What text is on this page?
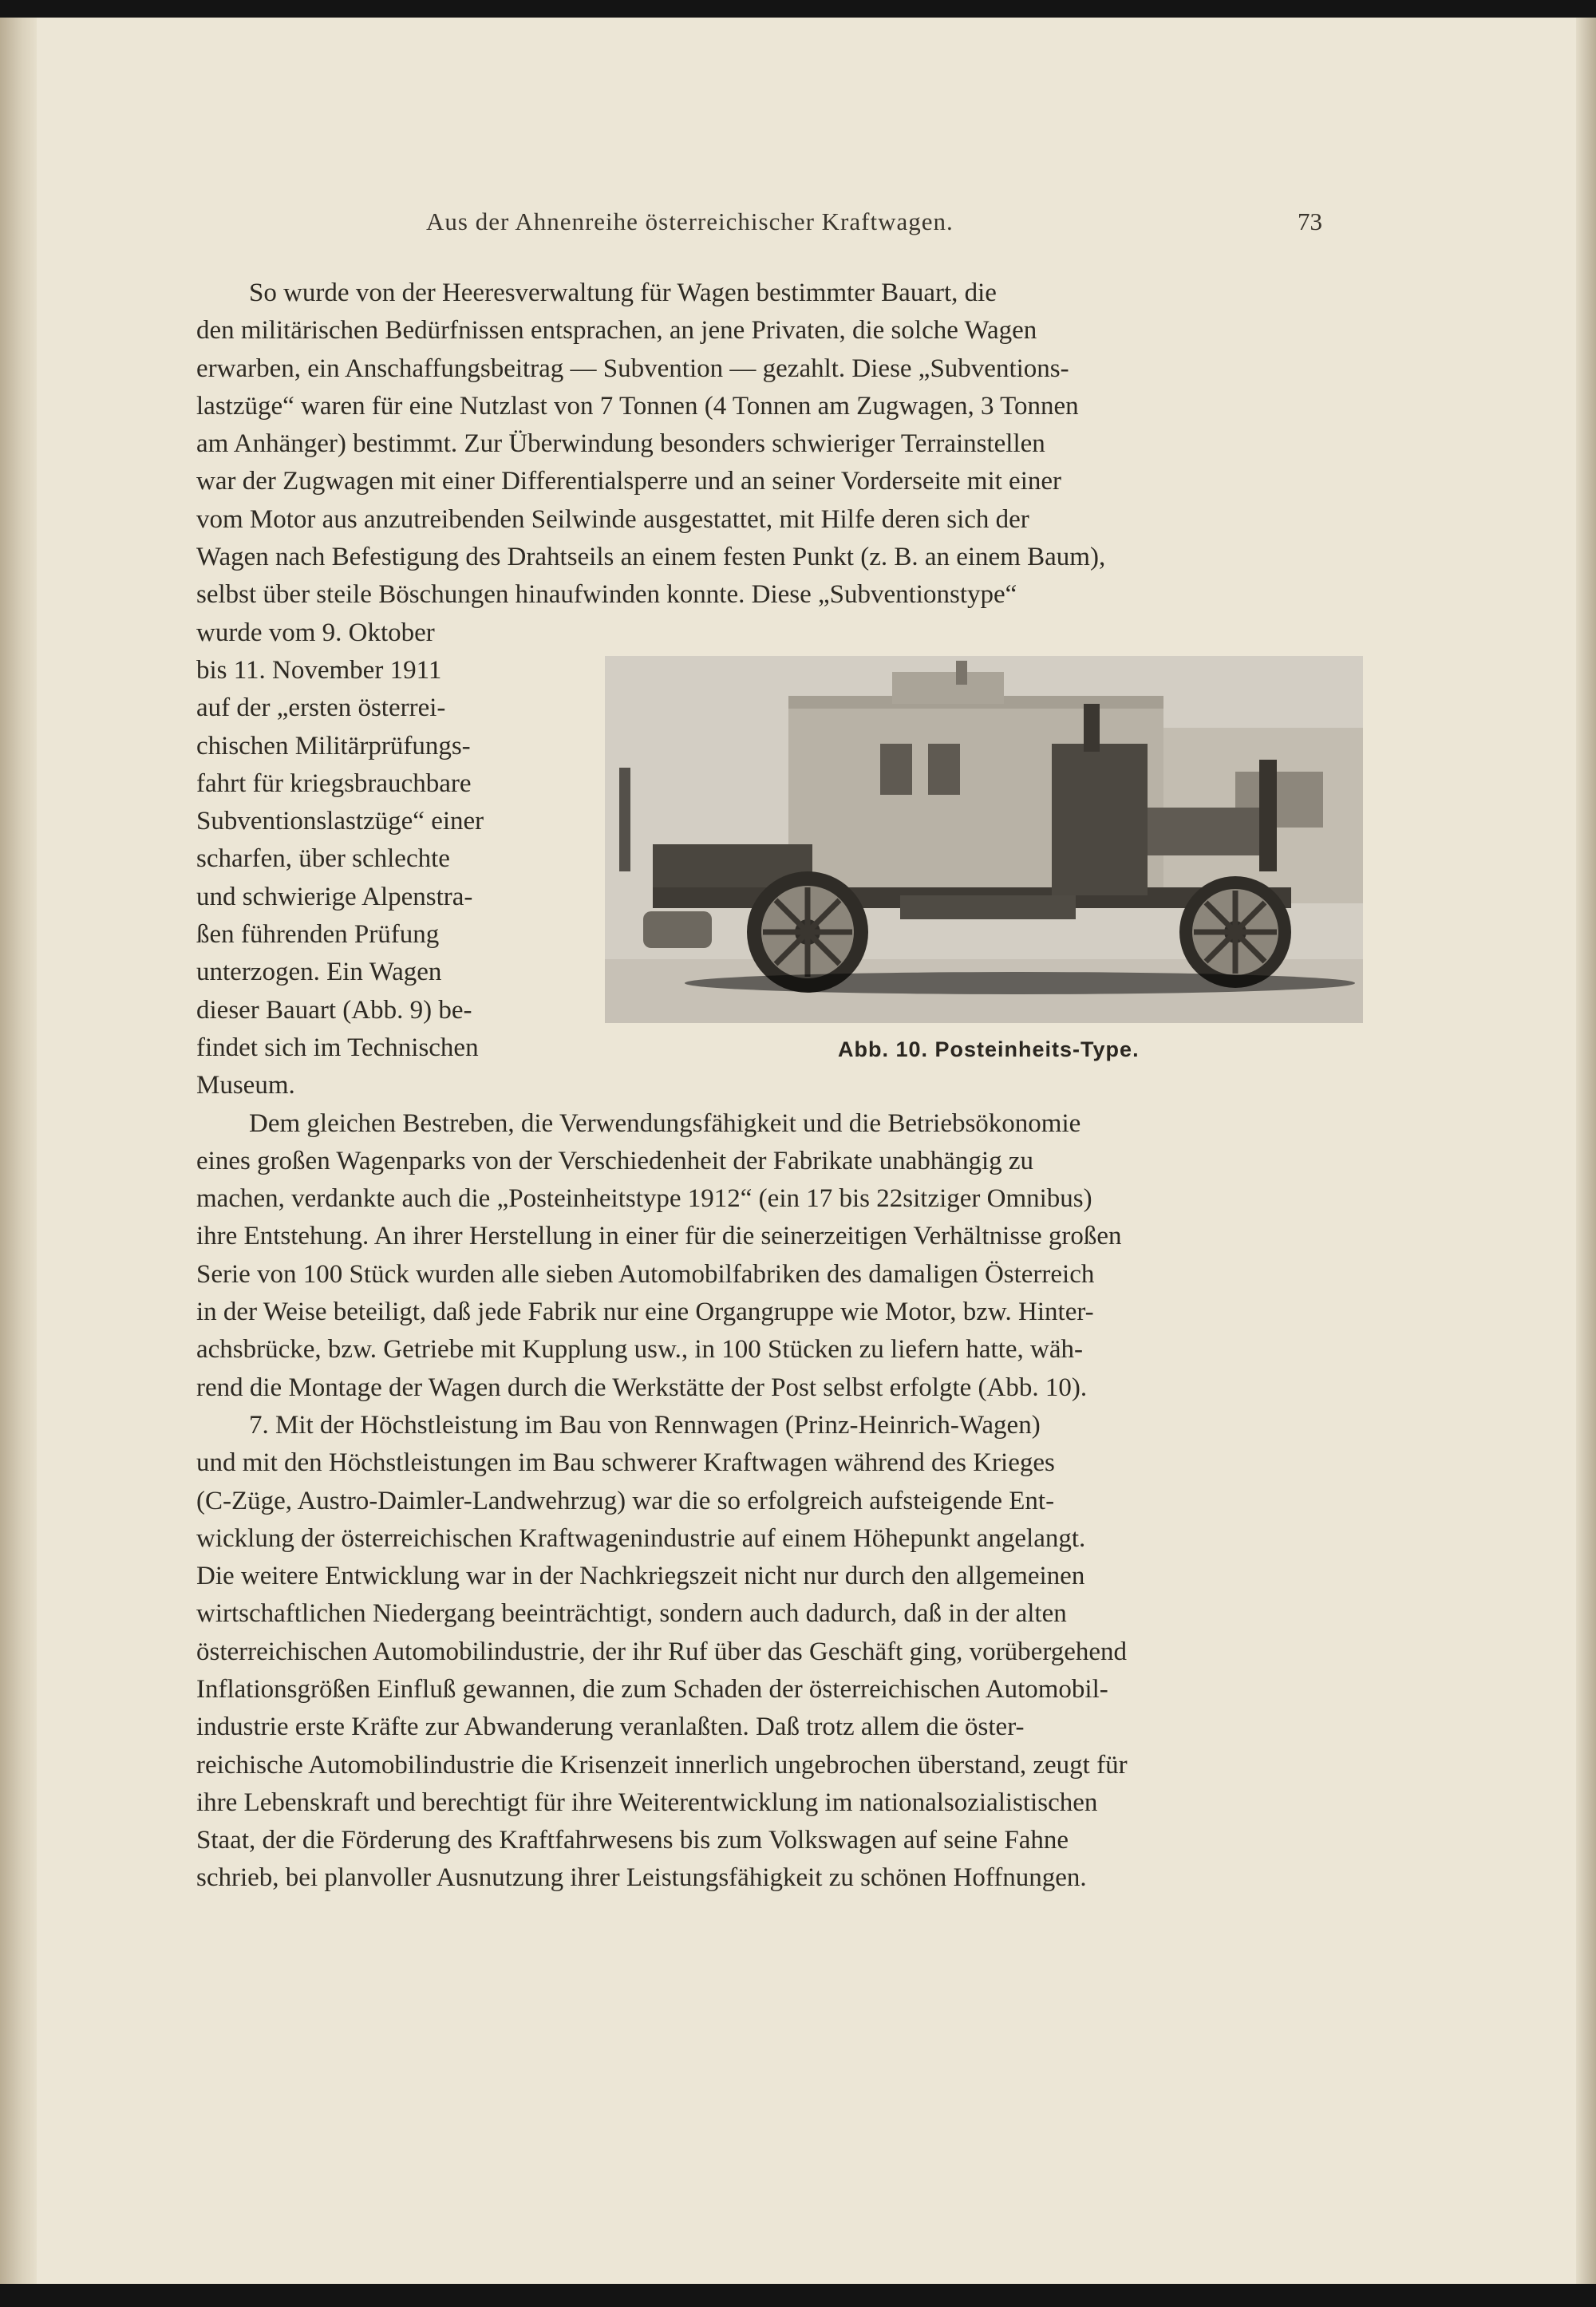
Aus der Ahnenreihe österreichischer Kraftwagen.	73

So wurde von der Heeresverwaltung für Wagen bestimmter Bauart, die
den militärischen Bedürfnissen entsprachen, an jene Privaten, die solche Wagen
erwarben, ein Anschaffungsbeitrag — Subvention — gezahlt. Diese „Subventions-
lastzüge“ waren für eine Nutzlast von 7 Tonnen (4 Tonnen am Zugwagen, 3 Tonnen
am Anhänger) bestimmt. Zur Überwindung besonders schwieriger Terrainstellen
war der Zugwagen mit einer Differentialsperre und an seiner Vorderseite mit einer
vom Motor aus anzutreibenden Seilwinde ausgestattet, mit Hilfe deren sich der
Wagen nach Befestigung des Drahtseils an einem festen Punkt (z. B. an einem Baum),
selbst über steile Böschungen hinaufwinden konnte. Diese „Subventionstype“
wurde vom 9. Oktober
bis 11. November 1911
auf der „ersten österrei-
chischen Militärprüfungs-
fahrt für kriegsbrauchbare
Subventionslastzüge“ einer
scharfen, über schlechte
und schwierige Alpenstra-
ßen führenden Prüfung
unterzogen. Ein Wagen
dieser Bauart (Abb. 9) be-
findet sich im Technischen
Museum.

Dem gleichen Bestreben, die Verwendungsfähigkeit und die Betriebsökonomie
eines großen Wagenparks von der Verschiedenheit der Fabrikate unabhängig zu
machen, verdankte auch die „Posteinheitstype 1912“ (ein 17 bis 22sitziger Omnibus)
ihre Entstehung. An ihrer Herstellung in einer für die seinerzeitigen Verhältnisse großen
Serie von 100 Stück wurden alle sieben Automobilfabriken des damaligen Österreich
in der Weise beteiligt, daß jede Fabrik nur eine Organgruppe wie Motor, bzw. Hinter-
achsbrücke, bzw. Getriebe mit Kupplung usw., in 100 Stücken zu liefern hatte, wäh-
rend die Montage der Wagen durch die Werkstätte der Post selbst erfolgte (Abb. 10).

7. Mit der Höchstleistung im Bau von Rennwagen (Prinz-Heinrich-Wagen)
und mit den Höchstleistungen im Bau schwerer Kraftwagen während des Krieges
(C-Züge, Austro-Daimler-Landwehrzug) war die so erfolgreich aufsteigende Ent-
wicklung der österreichischen Kraftwagenindustrie auf einem Höhepunkt angelangt.
Die weitere Entwicklung war in der Nachkriegszeit nicht nur durch den allgemeinen
wirtschaftlichen Niedergang beeinträchtigt, sondern auch dadurch, daß in der alten
österreichischen Automobilindustrie, der ihr Ruf über das Geschäft ging, vorübergehend
Inflationsgrößen Einfluß gewannen, die zum Schaden der österreichischen Automobil-
industrie erste Kräfte zur Abwanderung veranlaßten. Daß trotz allem die öster-
reichische Automobilindustrie die Krisenzeit innerlich ungebrochen überstand, zeugt für
ihre Lebenskraft und berechtigt für ihre Weiterentwicklung im nationalsozialistischen
Staat, der die Förderung des Kraftfahrwesens bis zum Volkswagen auf seine Fahne
schrieb, bei planvoller Ausnutzung ihrer Leistungsfähigkeit zu schönen Hoffnungen.

Abb. 10. Posteinheits-Type.
